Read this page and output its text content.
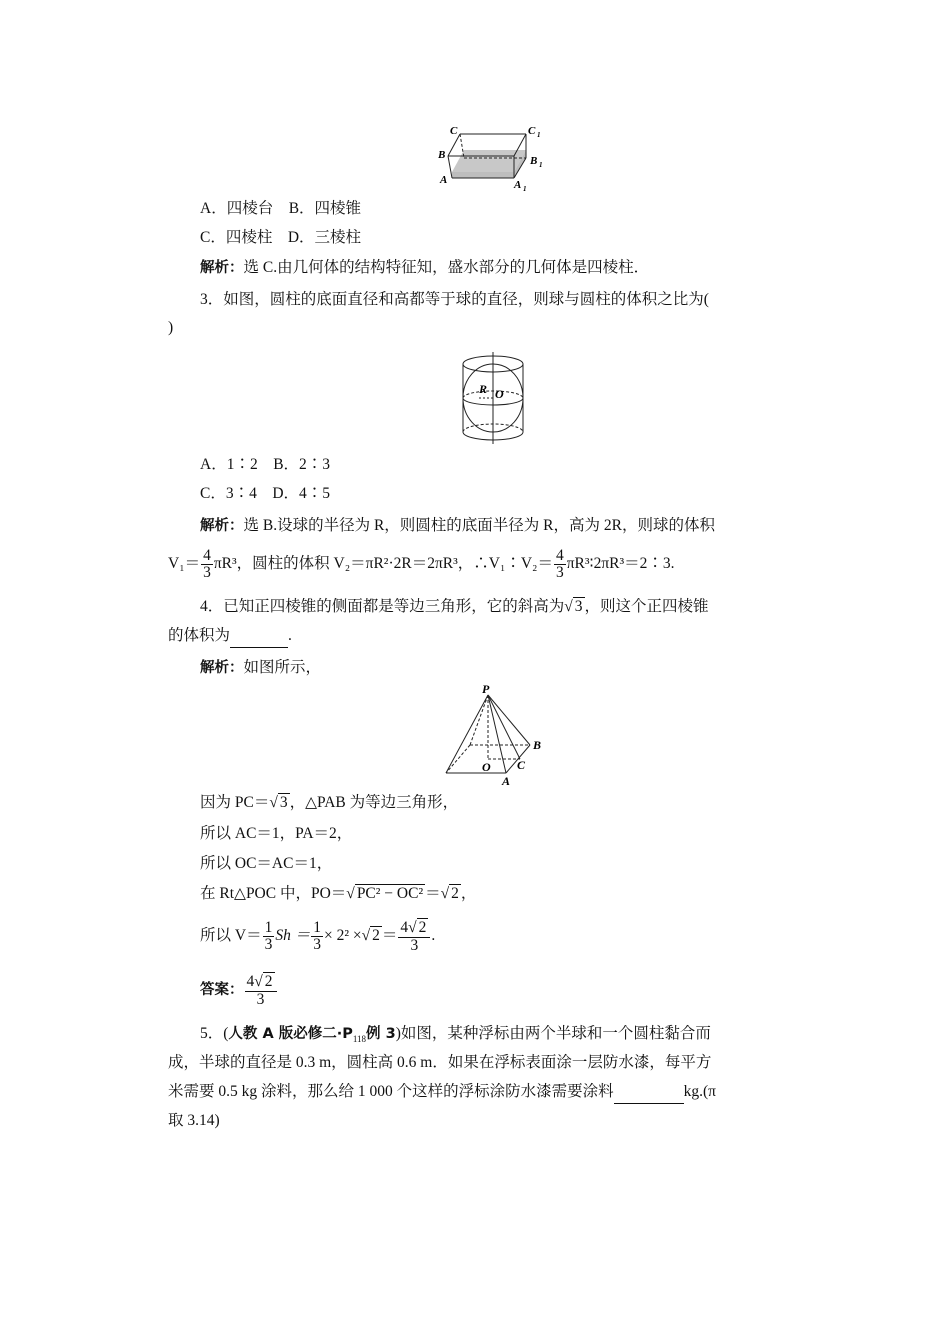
C	C 1
B	B 1
A	A 1
A．四棱台　B．四棱锥
C．四棱柱　D．三棱柱
解析：选 C.由几何体的结构特征知，盛水部分的几何体是四棱柱．
3．如图，圆柱的底面直径和高都等于球的直径，则球与圆柱的体积之比为(
)
R O
A．1∶2　B．2∶3
C．3∶4　D．4∶5
解析：选 B.设球的半径为 R，则圆柱的底面半径为 R，高为 2R，则球的体积
$V_1= \frac{4}{3} \pi R^3$，圆柱的体积 V₂＝πR²·2R＝2πR³，∴V₁∶V₂＝ $\frac{4}{3}$ πR³∶2πR³＝2∶3.
4．已知正四棱锥的侧面都是等边三角形，它的斜高为√ 3 ，则这个正四棱锥
的体积为	.
解析：如图所示，
P
B
O C
A
因为 PC＝√ 3 ，△PAB 为等边三角形，
所以 AC＝1，PA＝2，
所以 OC＝AC＝1，
在 Rt△POC 中，PO＝√ PC² − OC² ＝√ 2 ，
所以 $V= \frac{1}{3}$ $Sh = \frac{1}{3} \times 2^2$ ×√ $2 = \frac{4√ 2}{3}$ .
答案： $\frac{4√ 2}{3}$
5．(人教 A 版必修二$\cdot P_{118}$例 3)如图，某种浮标由两个半球和一个圆柱黏合而
成，半球的直径是 0.3 m，圆柱高 0.6 m．如果在浮标表面涂一层防水漆，每平方
米需要 0.5 kg 涂料，那么给 1 000 个这样的浮标涂防水漆需要涂料	kg.(π
取 3.14)
